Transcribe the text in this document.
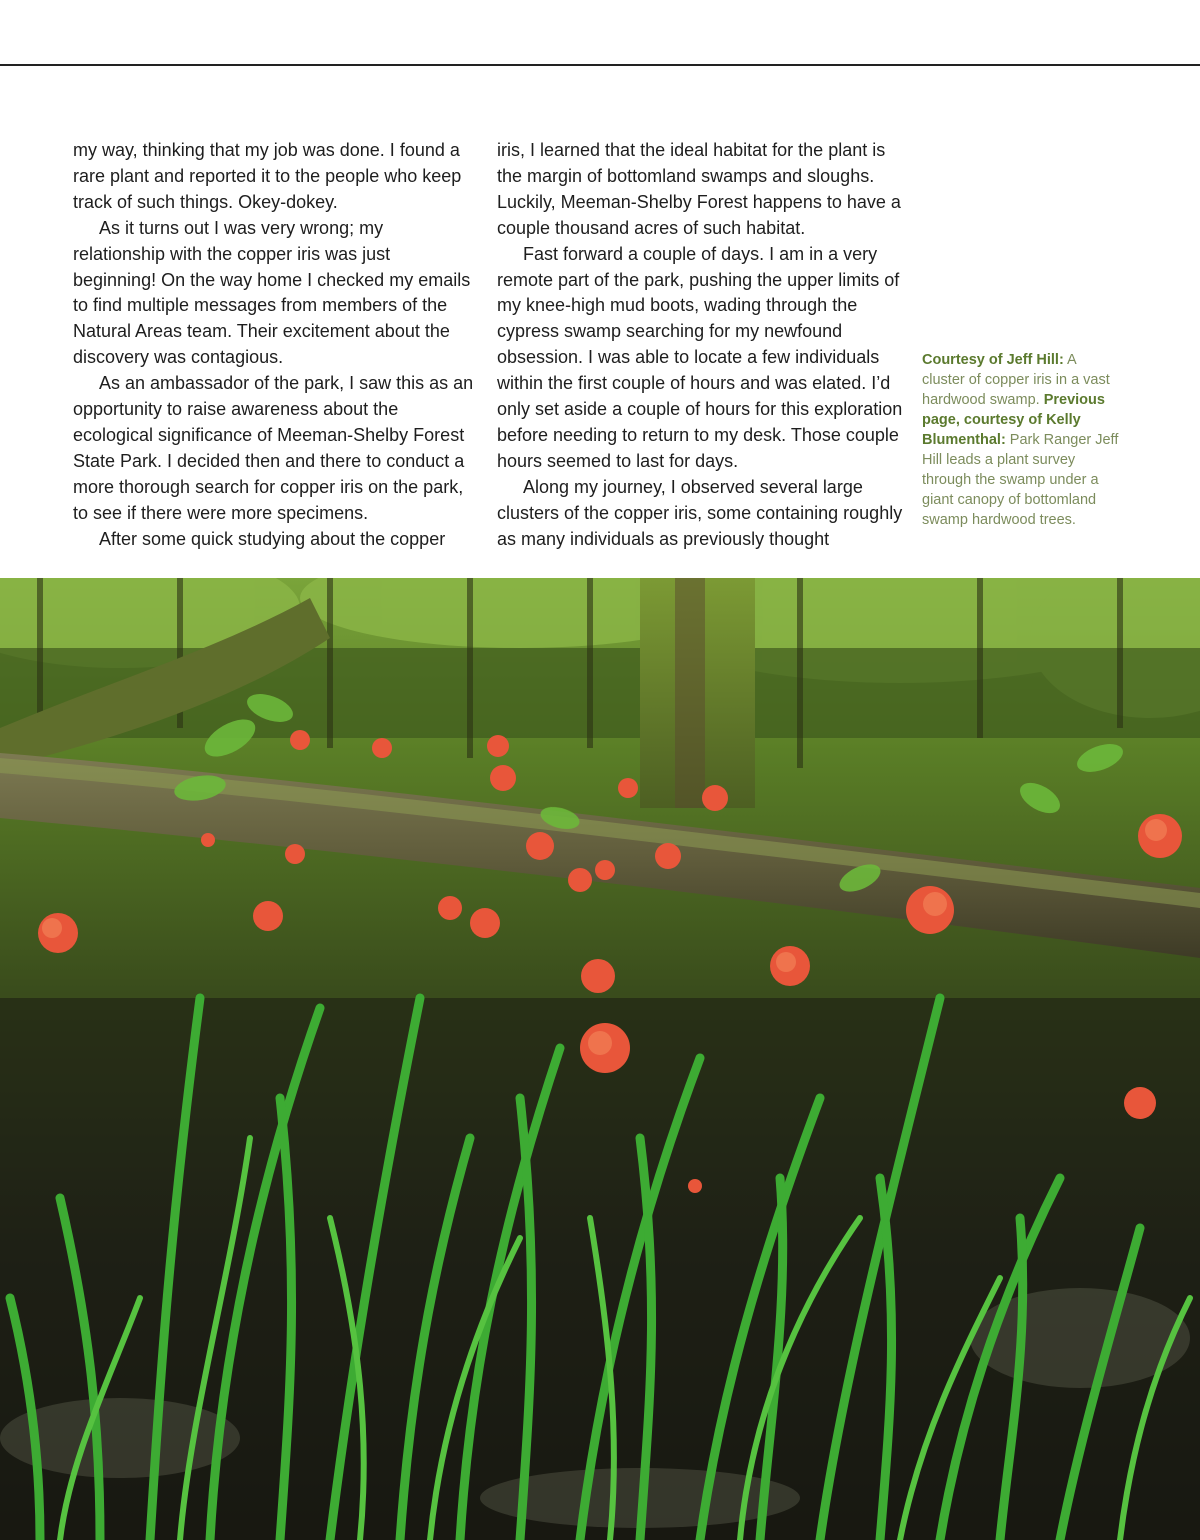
my way, thinking that my job was done. I found a rare plant and reported it to the people who keep track of such things. Okey-dokey.

As it turns out I was very wrong; my relationship with the copper iris was just beginning! On the way home I checked my emails to find multiple messages from members of the Natural Areas team. Their excitement about the discovery was contagious.

As an ambassador of the park, I saw this as an opportunity to raise awareness about the ecological significance of Meeman-Shelby Forest State Park. I decided then and there to conduct a more thorough search for copper iris on the park, to see if there were more specimens.

After some quick studying about the copper

iris, I learned that the ideal habitat for the plant is the margin of bottomland swamps and sloughs. Luckily, Meeman-Shelby Forest happens to have a couple thousand acres of such habitat.

Fast forward a couple of days. I am in a very remote part of the park, pushing the upper limits of my knee-high mud boots, wading through the cypress swamp searching for my newfound obsession. I was able to locate a few individuals within the first couple of hours and was elated. I’d only set aside a couple of hours for this exploration before needing to return to my desk. Those couple hours seemed to last for days.

Along my journey, I observed several large clusters of the copper iris, some containing roughly as many individuals as previously thought

Courtesy of Jeff Hill: A cluster of copper iris in a vast hardwood swamp. Previous page, courtesy of Kelly Blumenthal: Park Ranger Jeff Hill leads a plant survey through the swamp under a giant canopy of bottomland swamp hardwood trees.
